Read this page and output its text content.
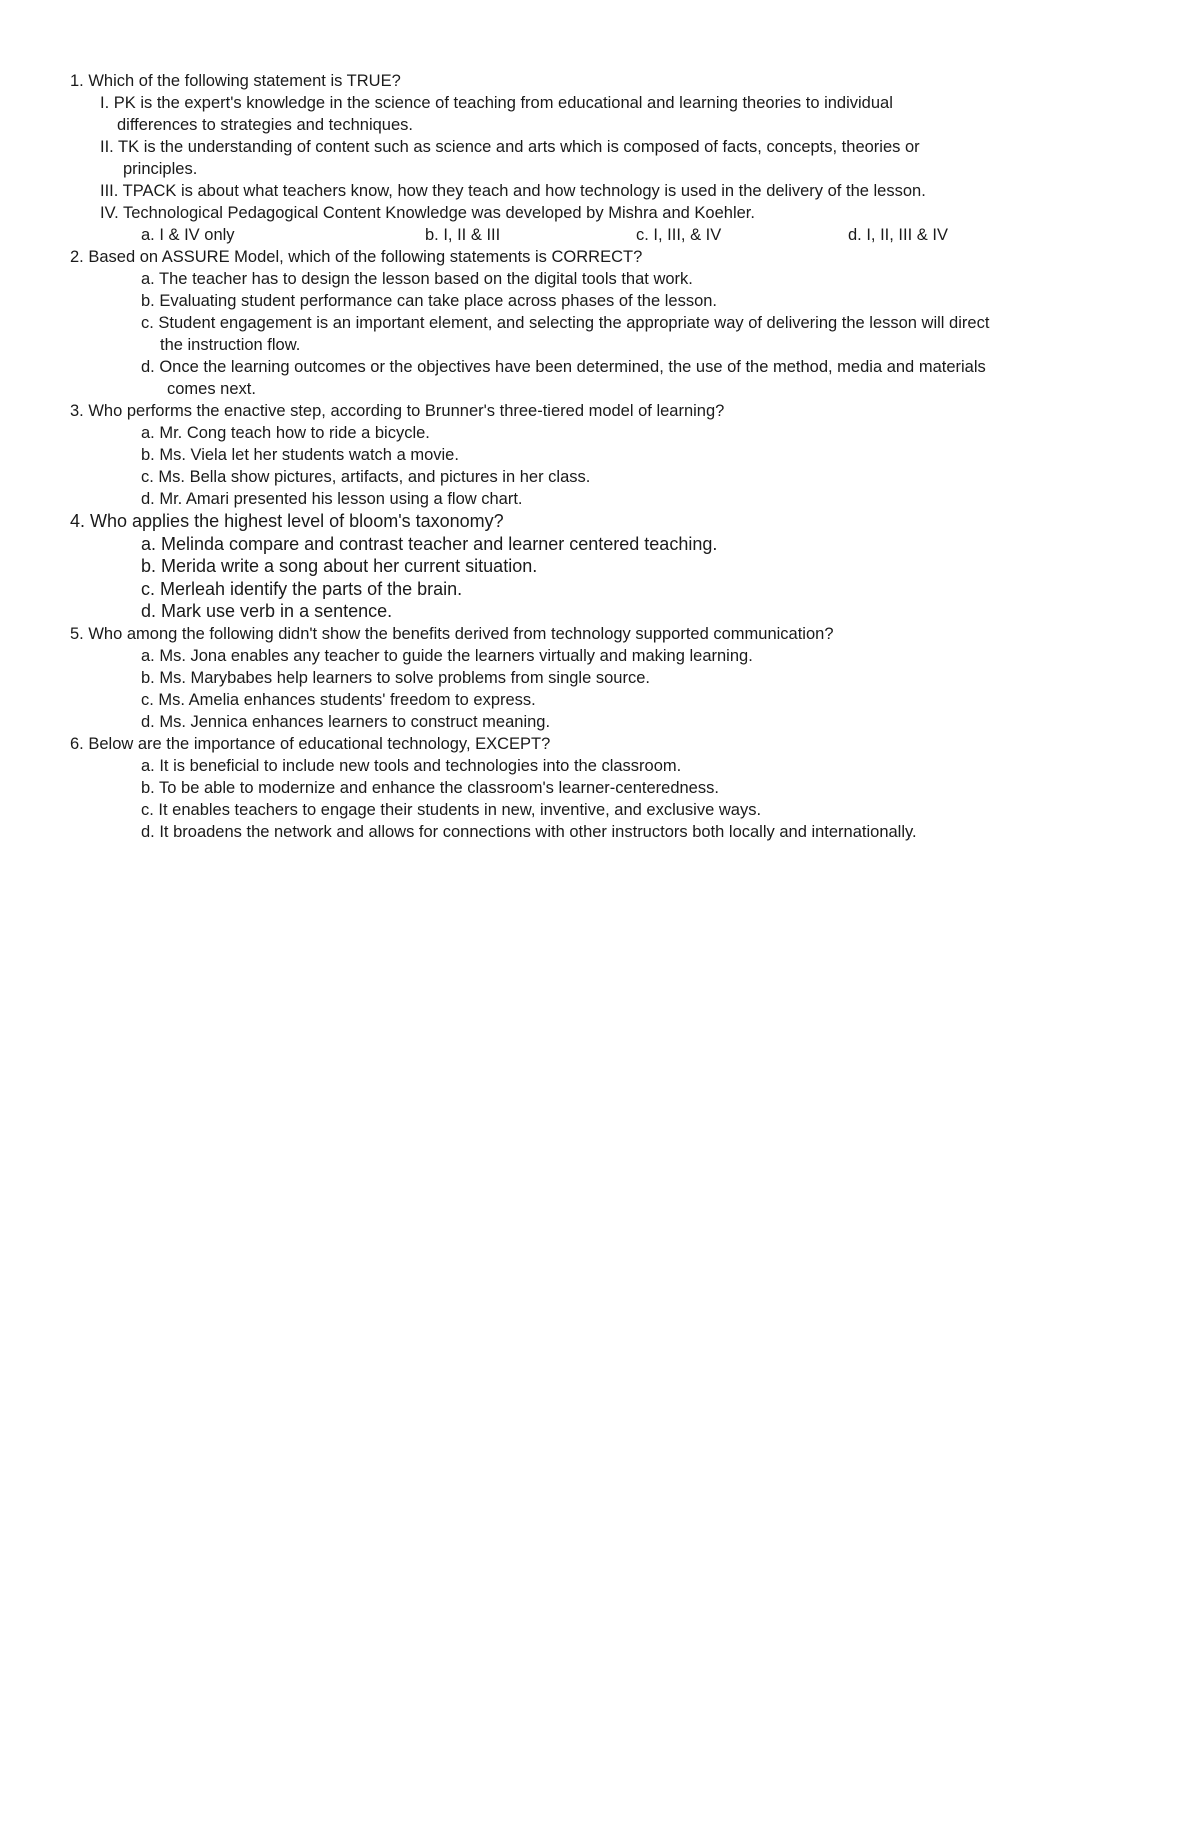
1. Which of the following statement is TRUE?
I. PK is the expert's knowledge in the science of teaching from educational and learning theories to individual
differences to strategies and techniques.
II. TK is the understanding of content such as science and arts which is composed of facts, concepts, theories or
principles.
III. TPACK is about what teachers know, how they teach and how technology is used in the delivery of the lesson.
IV. Technological Pedagogical Content Knowledge was developed by Mishra and Koehler.
a. I & IV only	b. I, II & III	c. I, III, & IV	d. I, II, III & IV
2. Based on ASSURE Model, which of the following statements is CORRECT?
a. The teacher has to design the lesson based on the digital tools that work.
b. Evaluating student performance can take place across phases of the lesson.
c. Student engagement is an important element, and selecting the appropriate way of delivering the lesson will direct
the instruction flow.
d. Once the learning outcomes or the objectives have been determined, the use of the method, media and materials
comes next.
3. Who performs the enactive step, according to Brunner's three-tiered model of learning?
a. Mr. Cong teach how to ride a bicycle.
b. Ms. Viela let her students watch a movie.
c. Ms. Bella show pictures, artifacts, and pictures in her class.
d. Mr. Amari presented his lesson using a flow chart.
4. Who applies the highest level of bloom's taxonomy?
a. Melinda compare and contrast teacher and learner centered teaching.
b. Merida write a song about her current situation.
c. Merleah identify the parts of the brain.
d. Mark use verb in a sentence.
5. Who among the following didn't show the benefits derived from technology supported communication?
a. Ms. Jona enables any teacher to guide the learners virtually and making learning.
b. Ms. Marybabes help learners to solve problems from single source.
c. Ms. Amelia enhances students' freedom to express.
d. Ms. Jennica enhances learners to construct meaning.
6. Below are the importance of educational technology, EXCEPT?
a. It is beneficial to include new tools and technologies into the classroom.
b. To be able to modernize and enhance the classroom's learner-centeredness.
c. It enables teachers to engage their students in new, inventive, and exclusive ways.
d. It broadens the network and allows for connections with other instructors both locally and internationally.
